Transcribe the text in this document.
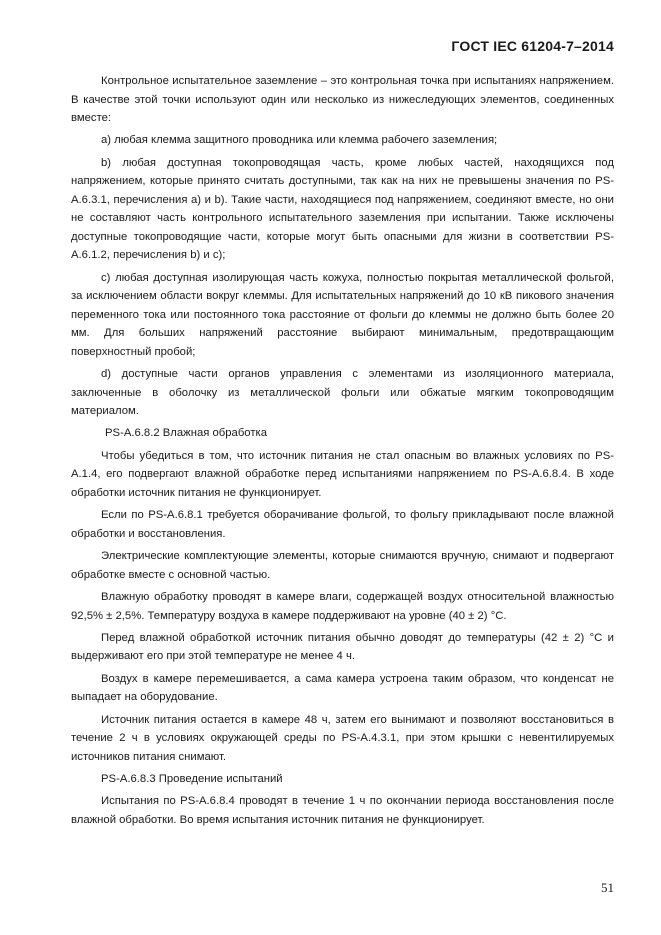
ГОСТ IEC 61204-7–2014

Контрольное испытательное заземление – это контрольная точка при испытаниях напряжением. В качестве этой точки используют один или несколько из нижеследующих элементов, соединенных вместе:

a) любая клемма защитного проводника или клемма рабочего заземления;

b) любая доступная токопроводящая часть, кроме любых частей, находящихся под напряжением, которые принято считать доступными, так как на них не превышены значения по PS-A.6.3.1, перечисления a) и b). Такие части, находящиеся под напряжением, соединяют вместе, но они не составляют часть контрольного испытательного заземления при испытании. Также исключены доступные токопроводящие части, которые могут быть опасными для жизни в соответствии PS-A.6.1.2, перечисления b) и c);

c) любая доступная изолирующая часть кожуха, полностью покрытая металлической фольгой, за исключением области вокруг клеммы. Для испытательных напряжений до 10 кВ пикового значения переменного тока или постоянного тока расстояние от фольги до клеммы не должно быть более 20 мм. Для больших напряжений расстояние выбирают минимальным, предотвращающим поверхностный пробой;

d) доступные части органов управления с элементами из изоляционного материала, заключенные в оболочку из металлической фольги или обжатые мягким токопроводящим материалом.

PS-A.6.8.2 Влажная обработка

Чтобы убедиться в том, что источник питания не стал опасным во влажных условиях по PS-A.1.4, его подвергают влажной обработке перед испытаниями напряжением по PS-A.6.8.4. В ходе обработки источник питания не функционирует.

Если по PS-A.6.8.1 требуется оборачивание фольгой, то фольгу прикладывают после влажной обработки и восстановления.

Электрические комплектующие элементы, которые снимаются вручную, снимают и подвергают обработке вместе с основной частью.

Влажную обработку проводят в камере влаги, содержащей воздух относительной влажностью 92,5% ± 2,5%. Температуру воздуха в камере поддерживают на уровне (40 ± 2) °C.

Перед влажной обработкой источник питания обычно доводят до температуры (42 ± 2) °C и выдерживают его при этой температуре не менее 4 ч.

Воздух в камере перемешивается, а сама камера устроена таким образом, что конденсат не выпадает на оборудование.

Источник питания остается в камере 48 ч, затем его вынимают и позволяют восстановиться в течение 2 ч в условиях окружающей среды по PS-A.4.3.1, при этом крышки с невентилируемых источников питания снимают.

PS-A.6.8.3 Проведение испытаний

Испытания по PS-A.6.8.4 проводят в течение 1 ч по окончании периода восстановления после влажной обработки. Во время испытания источник питания не функционирует.

51
